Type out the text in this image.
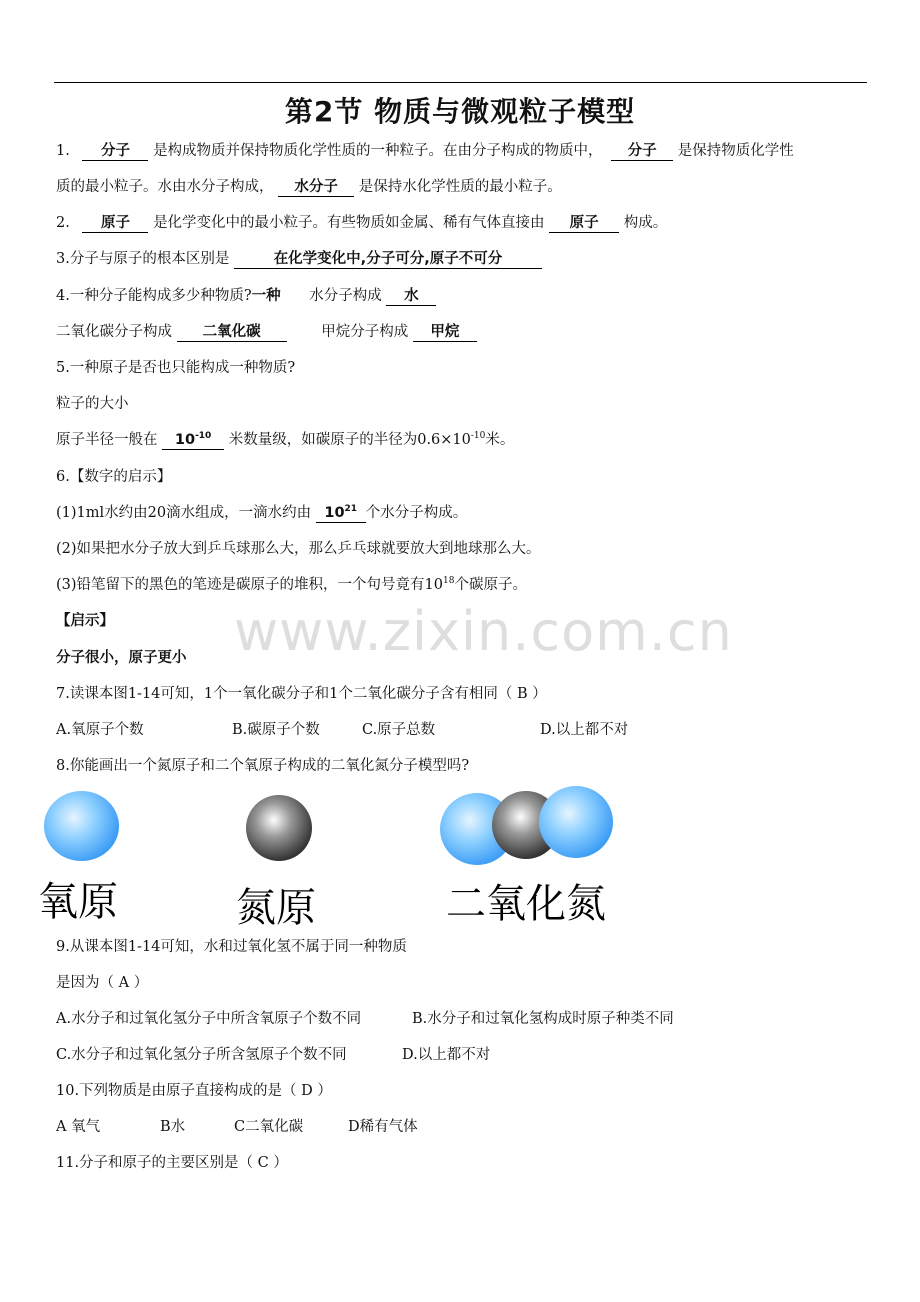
第2节 物质与微观粒子模型
1. 分子 是构成物质并保持物质化学性质的一种粒子。在由分子构成的物质中， 分子 是保持物质化学性
质的最小粒子。水由水分子构成， 水分子 是保持水化学性质的最小粒子。
2. 原子 是化学变化中的最小粒子。有些物质如金属、稀有气体直接由 原子 构成。
3.分子与原子的根本区别是	在化学变化中,分子可分,原子不可分
4.一种分子能构成多少种物质?一种 水分子构成 水
二氧化碳分子构成 二氧化碳	甲烷分子构成 甲烷
5.一种原子是否也只能构成一种物质?
粒子的大小
原子半径一般在 $10^{-10}$ 米数量级，如碳原子的半径为$0.6\times 10^{-10}$米。
6.【数字的启示】
(1)1ml水约由20滴水组成，一滴水约由 $10^{21}$ 个水分子构成。
(2)如果把水分子放大到乒乓球那么大，那么乒乓球就要放大到地球那么大。
(3)铅笔留下的黑色的笔迹是碳原子的堆积，一个句号竟有$10^{18}$个碳原子。
【启示】
分子很小，原子更小
7.读课本图1-14可知，1个一氧化碳分子和1个二氧化碳分子含有相同（ B ）
A.氧原子个数	B.碳原子个数	C.原子总数	D.以上都不对
8.你能画出一个氮原子和二个氧原子构成的二氧化氮分子模型吗?
氧原	氮原	二氧化氮
9.从课本图1-14可知，水和过氧化氢不属于同一种物质
是因为（ A ）
A.水分子和过氧化氢分子中所含氧原子个数不同	B.水分子和过氧化氢构成时原子种类不同
C.水分子和过氧化氢分子所含氢原子个数不同	D.以上都不对
10.下列物质是由原子直接构成的是（ D ）
A 氧气	B水	C二氧化碳	D稀有气体
11.分子和原子的主要区别是（ C ）
www.zixin.com.cn
